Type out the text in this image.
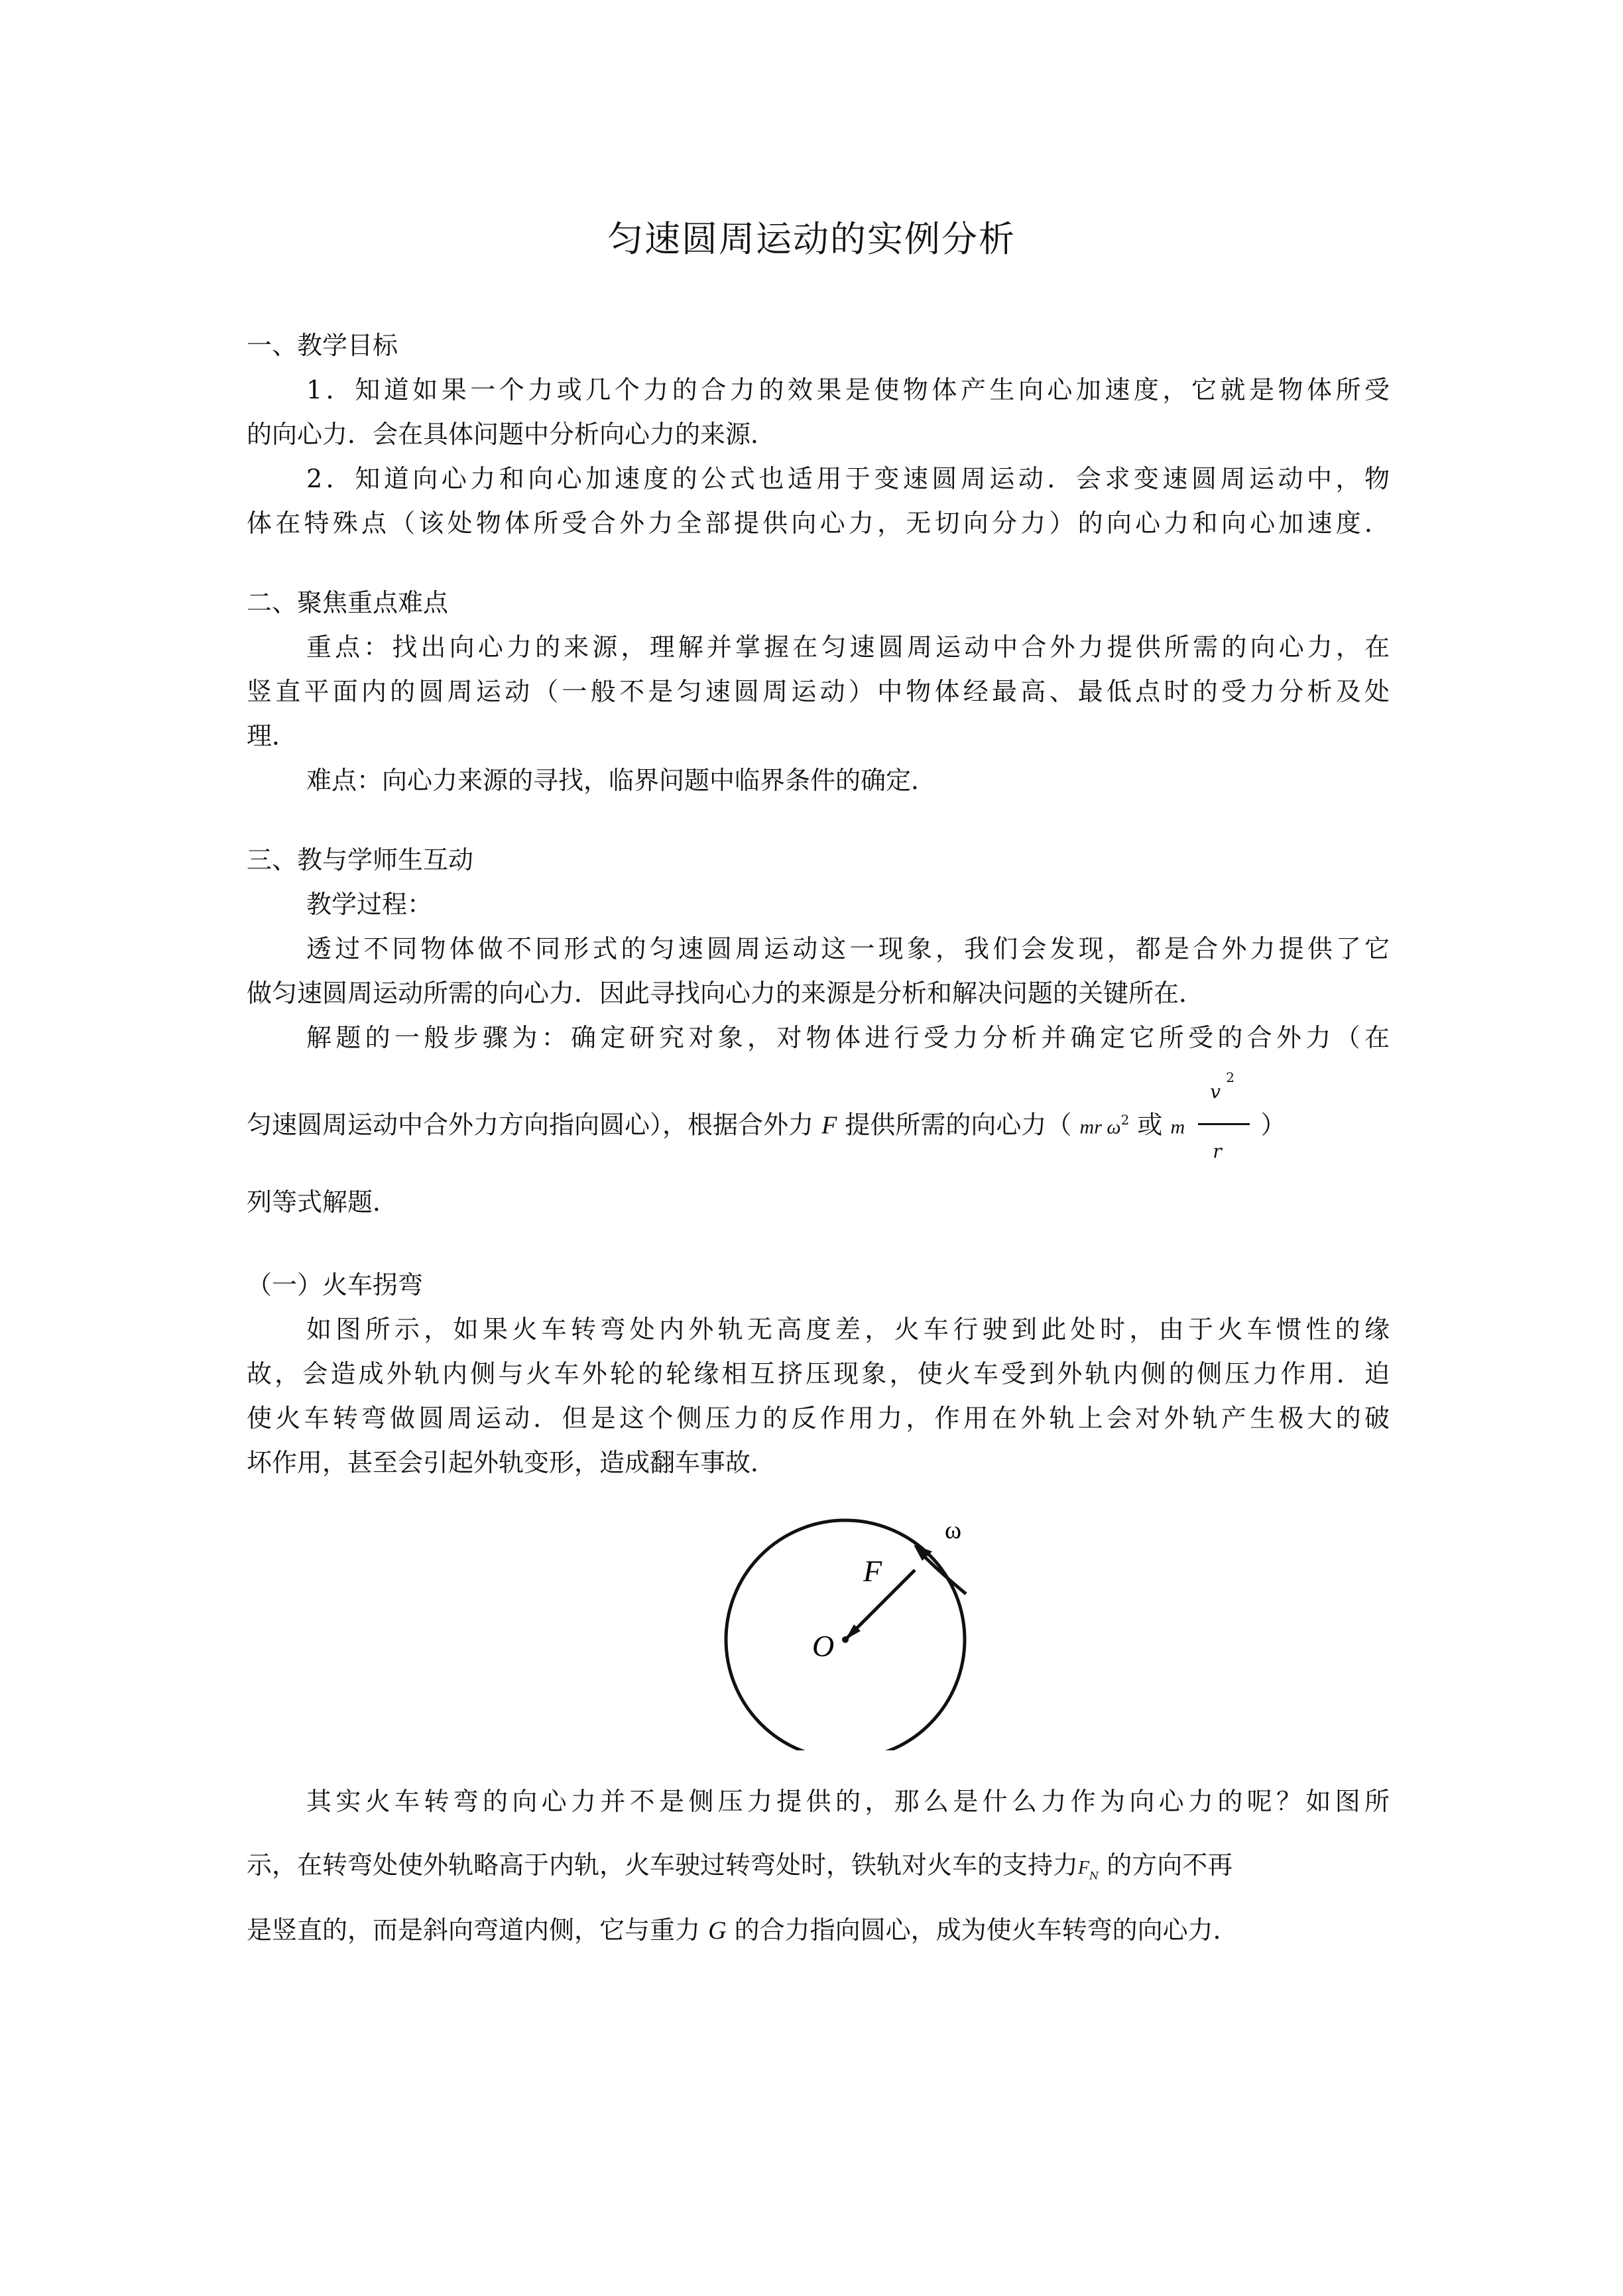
匀速圆周运动的实例分析
一、教学目标
1．知道如果一个力或几个力的合力的效果是使物体产生向心加速度，它就是物体所受
的向心力．会在具体问题中分析向心力的来源．
2．知道向心力和向心加速度的公式也适用于变速圆周运动．会求变速圆周运动中，物
体在特殊点（该处物体所受合外力全部提供向心力，无切向分力）的向心力和向心加速度．
二、聚焦重点难点
重点：找出向心力的来源，理解并掌握在匀速圆周运动中合外力提供所需的向心力，在
竖直平面内的圆周运动（一般不是匀速圆周运动）中物体经最高、最低点时的受力分析及处
理．
难点：向心力来源的寻找，临界问题中临界条件的确定．
三、教与学师生互动
教学过程：
透过不同物体做不同形式的匀速圆周运动这一现象，我们会发现，都是合外力提供了它
做匀速圆周运动所需的向心力．因此寻找向心力的来源是分析和解决问题的关键所在．
解题的一般步骤为：确定研究对象，对物体进行受力分析并确定它所受的合外力（在
匀速圆周运动中合外力方向指向圆心），根据合外力 F 提供所需的向心力（ mr $\omega^2$ 或 m
v
2
r
）
列等式解题．
（一）火车拐弯
如图所示，如果火车转弯处内外轨无高度差，火车行驶到此处时，由于火车惯性的缘
故，会造成外轨内侧与火车外轮的轮缘相互挤压现象，使火车受到外轨内侧的侧压力作用．迫
使火车转弯做圆周运动．但是这个侧压力的反作用力，作用在外轨上会对外轨产生极大的破
坏作用，甚至会引起外轨变形，造成翻车事故．
ω
F
O
其实火车转弯的向心力并不是侧压力提供的，那么是什么力作为向心力的呢？如图所
示，在转弯处使外轨略高于内轨，火车驶过转弯处时，铁轨对火车的支持力$F_N$ 的方向不再
是竖直的，而是斜向弯道内侧，它与重力 G 的合力指向圆心，成为使火车转弯的向心力．
